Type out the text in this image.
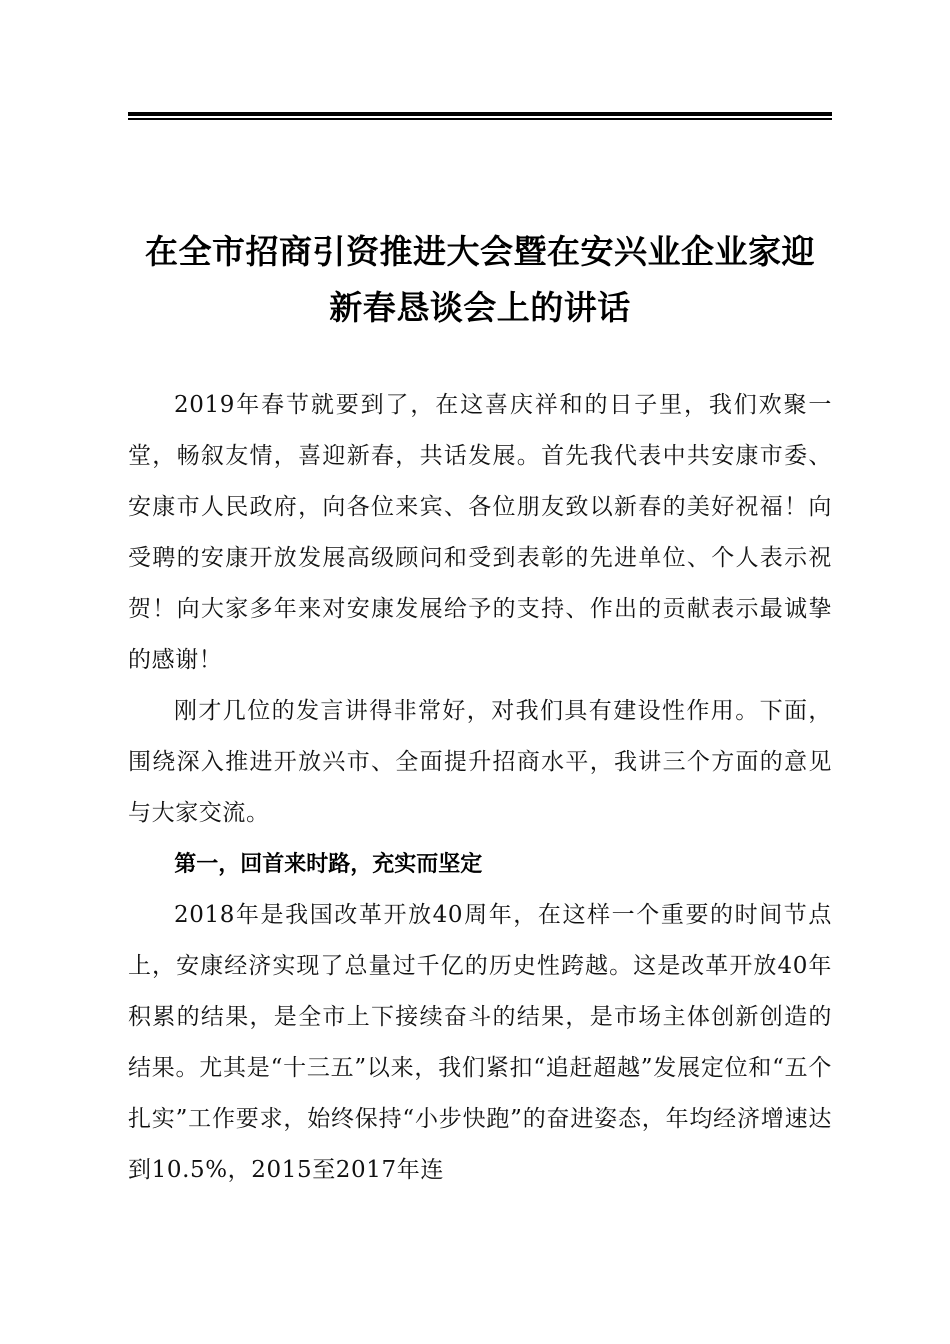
在全市招商引资推进大会暨在安兴业企业家迎
新春恳谈会上的讲话

2019年春节就要到了，在这喜庆祥和的日子里，我们欢聚一堂，畅叙友情，喜迎新春，共话发展。首先我代表中共安康市委、安康市人民政府，向各位来宾、各位朋友致以新春的美好祝福！向受聘的安康开放发展高级顾问和受到表彰的先进单位、个人表示祝贺！向大家多年来对安康发展给予的支持、作出的贡献表示最诚挚的感谢！

刚才几位的发言讲得非常好，对我们具有建设性作用。下面，围绕深入推进开放兴市、全面提升招商水平，我讲三个方面的意见与大家交流。

第一，回首来时路，充实而坚定

2018年是我国改革开放40周年，在这样一个重要的时间节点上，安康经济实现了总量过千亿的历史性跨越。这是改革开放40年积累的结果，是全市上下接续奋斗的结果，是市场主体创新创造的结果。尤其是“十三五”以来，我们紧扣“追赶超越”发展定位和“五个扎实”工作要求，始终保持“小步快跑”的奋进姿态，年均经济增速达到10.5%，2015至2017年连
